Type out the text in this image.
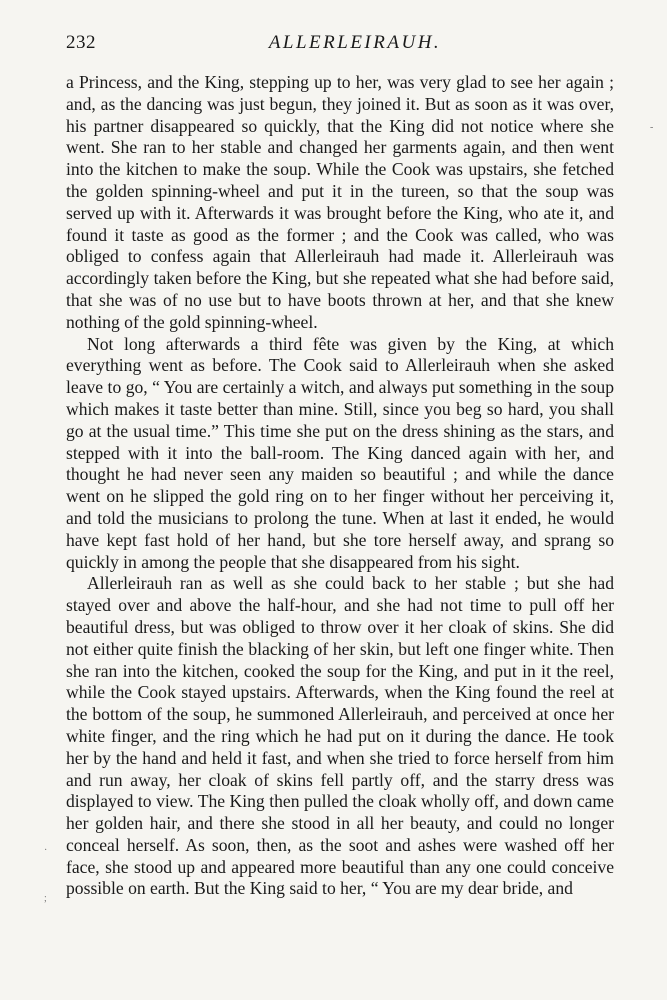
232	ALLERLEIRAUH.

a Princess, and the King, stepping up to her, was very glad to see her again ; and, as the dancing was just begun, they joined it. But as soon as it was over, his partner disappeared so quickly, that the King did not notice where she went. She ran to her stable and changed her garments again, and then went into the kitchen to make the soup. While the Cook was upstairs, she fetched the golden spinning-wheel and put it in the tureen, so that the soup was served up with it. Afterwards it was brought before the King, who ate it, and found it taste as good as the former ; and the Cook was called, who was obliged to confess again that Allerleirauh had made it. Allerleirauh was accordingly taken before the King, but she repeated what she had before said, that she was of no use but to have boots thrown at her, and that she knew nothing of the gold spinning-wheel.

Not long afterwards a third fête was given by the King, at which everything went as before. The Cook said to Allerleirauh when she asked leave to go, “ You are certainly a witch, and always put something in the soup which makes it taste better than mine. Still, since you beg so hard, you shall go at the usual time.” This time she put on the dress shining as the stars, and stepped with it into the ball-room. The King danced again with her, and thought he had never seen any maiden so beautiful ; and while the dance went on he slipped the gold ring on to her finger without her perceiving it, and told the musicians to prolong the tune. When at last it ended, he would have kept fast hold of her hand, but she tore herself away, and sprang so quickly in among the people that she disappeared from his sight.

Allerleirauh ran as well as she could back to her stable ; but she had stayed over and above the half-hour, and she had not time to pull off her beautiful dress, but was obliged to throw over it her cloak of skins. She did not either quite finish the blacking of her skin, but left one finger white. Then she ran into the kitchen, cooked the soup for the King, and put in it the reel, while the Cook stayed upstairs. Afterwards, when the King found the reel at the bottom of the soup, he summoned Allerleirauh, and perceived at once her white finger, and the ring which he had put on it during the dance. He took her by the hand and held it fast, and when she tried to force herself from him and run away, her cloak of skins fell partly off, and the starry dress was displayed to view. The King then pulled the cloak wholly off, and down came her golden hair, and there she stood in all her beauty, and could no longer conceal herself. As soon, then, as the soot and ashes were washed off her face, she stood up and appeared more beautiful than any one could conceive possible on earth. But the King said to her, “ You are my dear bride, and

‐
·
;
